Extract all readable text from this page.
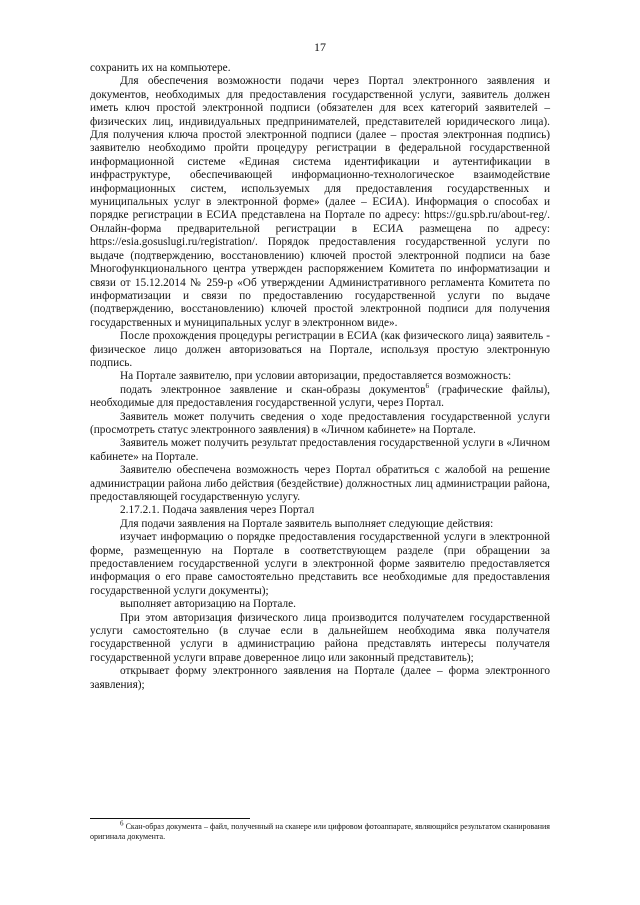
17

сохранить их на компьютере.

Для обеспечения возможности подачи через Портал электронного заявления и документов, необходимых для предоставления государственной услуги, заявитель должен иметь ключ простой электронной подписи (обязателен для всех категорий заявителей – физических лиц, индивидуальных предпринимателей, представителей юридического лица). Для получения ключа простой электронной подписи (далее – простая электронная подпись) заявителю необходимо пройти процедуру регистрации в федеральной государственной информационной системе «Единая система идентификации и аутентификации в инфраструктуре, обеспечивающей информационно-технологическое взаимодействие информационных систем, используемых для предоставления государственных и муниципальных услуг в электронной форме» (далее – ЕСИА). Информация о способах и порядке регистрации в ЕСИА представлена на Портале по адресу: https://gu.spb.ru/about-reg/. Онлайн-форма предварительной регистрации в ЕСИА размещена по адресу: https://esia.gosuslugi.ru/registration/. Порядок предоставления государственной услуги по выдаче (подтверждению, восстановлению) ключей простой электронной подписи на базе Многофункционального центра утвержден распоряжением Комитета по информатизации и связи от 15.12.2014 № 259-р «Об утверждении Административного регламента Комитета по информатизации и связи по предоставлению государственной услуги по выдаче (подтверждению, восстановлению) ключей простой электронной подписи для получения государственных и муниципальных услуг в электронном виде».

После прохождения процедуры регистрации в ЕСИА (как физического лица) заявитель - физическое лицо должен авторизоваться на Портале, используя простую электронную подпись.

На Портале заявителю, при условии авторизации, предоставляется возможность:

подать электронное заявление и скан-образы документов$^6$ (графические файлы), необходимые для предоставления государственной услуги, через Портал.

Заявитель может получить сведения о ходе предоставления государственной услуги (просмотреть статус электронного заявления) в «Личном кабинете» на Портале.

Заявитель может получить результат предоставления государственной услуги в «Личном кабинете» на Портале.

Заявителю обеспечена возможность через Портал обратиться с жалобой на решение администрации района либо действия (бездействие) должностных лиц администрации района, предоставляющей государственную услугу.

2.17.2.1. Подача заявления через Портал

Для подачи заявления на Портале заявитель выполняет следующие действия:

изучает информацию о порядке предоставления государственной услуги в электронной форме, размещенную на Портале в соответствующем разделе (при обращении за предоставлением государственной услуги в электронной форме заявителю предоставляется информация о его праве самостоятельно представить все необходимые для предоставления государственной услуги документы);

выполняет авторизацию на Портале.

При этом авторизация физического лица производится получателем государственной услуги самостоятельно (в случае если в дальнейшем необходима явка получателя государственной услуги в администрацию района представлять интересы получателя государственной услуги вправе доверенное лицо или законный представитель);

открывает форму электронного заявления на Портале (далее – форма электронного заявления);

$^6$ Скан-образ документа – файл, полученный на сканере или цифровом фотоаппарате, являющийся результатом сканирования оригинала документа.
